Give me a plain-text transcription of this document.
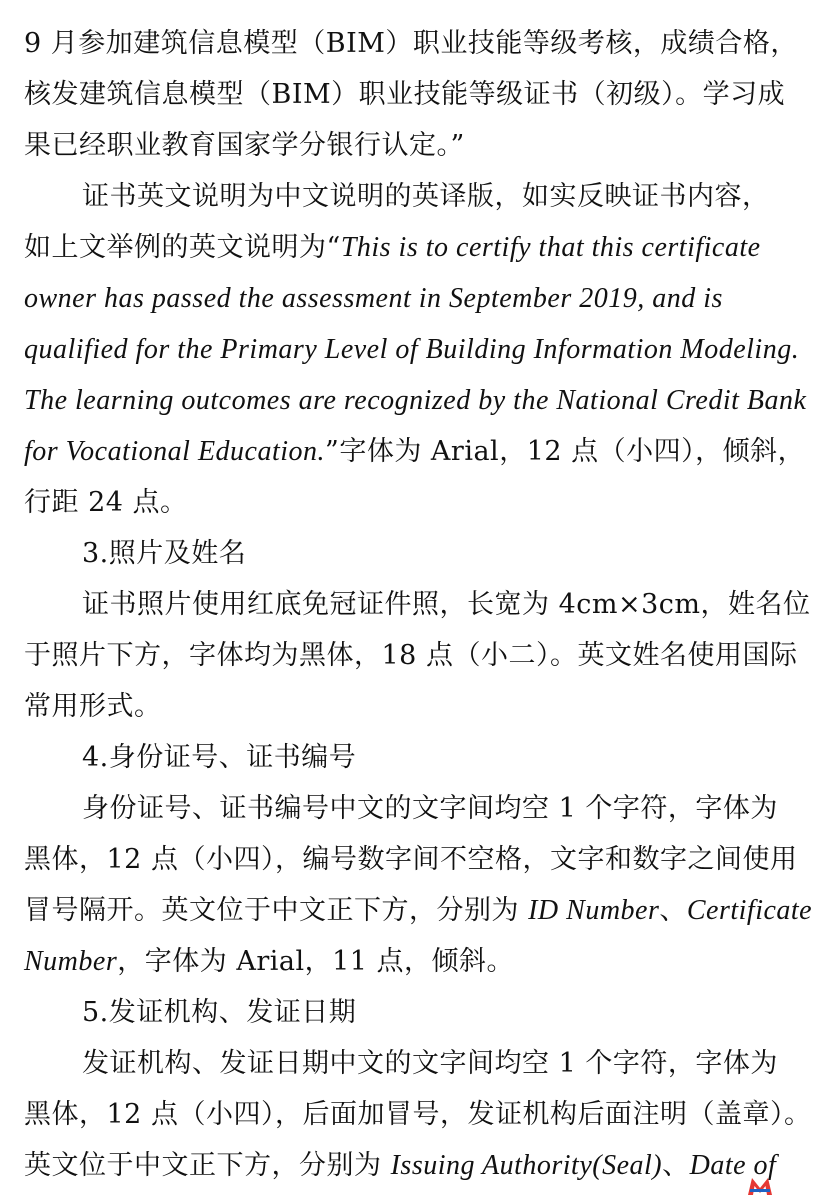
9 月参加建筑信息模型（BIM）职业技能等级考核，成绩合格，
核发建筑信息模型（BIM）职业技能等级证书（初级）。学习成
果已经职业教育国家学分银行认定。”
证书英文说明为中文说明的英译版，如实反映证书内容，
如上文举例的英文说明为“This is to certify that this certificate
owner has passed the assessment in September 2019, and is
qualified for the Primary Level of Building Information Modeling.
The learning outcomes are recognized by the National Credit Bank
for Vocational Education.”字体为 Arial，12 点（小四），倾斜，
行距 24 点。
3.照片及姓名
证书照片使用红底免冠证件照，长宽为 4cm×3cm，姓名位
于照片下方，字体均为黑体，18 点（小二）。英文姓名使用国际
常用形式。
4.身份证号、证书编号
身份证号、证书编号中文的文字间均空 1 个字符，字体为
黑体，12 点（小四），编号数字间不空格，文字和数字之间使用
冒号隔开。英文位于中文正下方，分别为 ID Number、Certificate
Number，字体为 Arial，11 点，倾斜。
5.发证机构、发证日期
发证机构、发证日期中文的文字间均空 1 个字符，字体为
黑体，12 点（小四），后面加冒号，发证机构后面注明（盖章）。
英文位于中文正下方，分别为 Issuing Authority(Seal)、Date of
